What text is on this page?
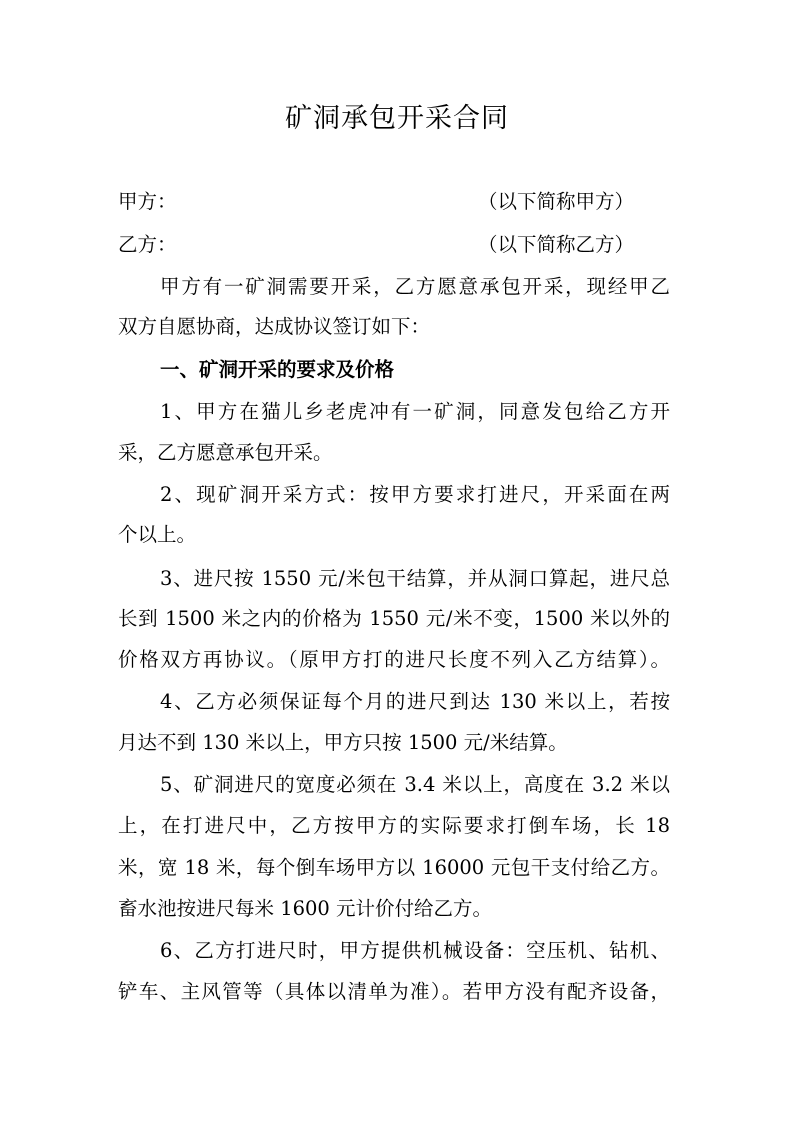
矿洞承包开采合同
甲方：	（以下简称甲方）
乙方：	（以下简称乙方）
甲方有一矿洞需要开采，乙方愿意承包开采，现经甲乙
双方自愿协商，达成协议签订如下：
一、矿洞开采的要求及价格
1、甲方在猫儿乡老虎冲有一矿洞，同意发包给乙方开
采，乙方愿意承包开采。
2、现矿洞开采方式：按甲方要求打进尺，开采面在两
个以上。
3、进尺按 1550 元/米包干结算，并从洞口算起，进尺总
长到 1500 米之内的价格为 1550 元/米不变，1500 米以外的
价格双方再协议。（原甲方打的进尺长度不列入乙方结算）。
4、乙方必须保证每个月的进尺到达 130 米以上，若按
月达不到 130 米以上，甲方只按 1500 元/米结算。
5、矿洞进尺的宽度必须在 3.4 米以上，高度在 3.2 米以
上，在打进尺中，乙方按甲方的实际要求打倒车场，长 18
米，宽 18 米，每个倒车场甲方以 16000 元包干支付给乙方。
畜水池按进尺每米 1600 元计价付给乙方。
6、乙方打进尺时，甲方提供机械设备：空压机、钻机、
铲车、主风管等（具体以清单为准）。若甲方没有配齐设备，
